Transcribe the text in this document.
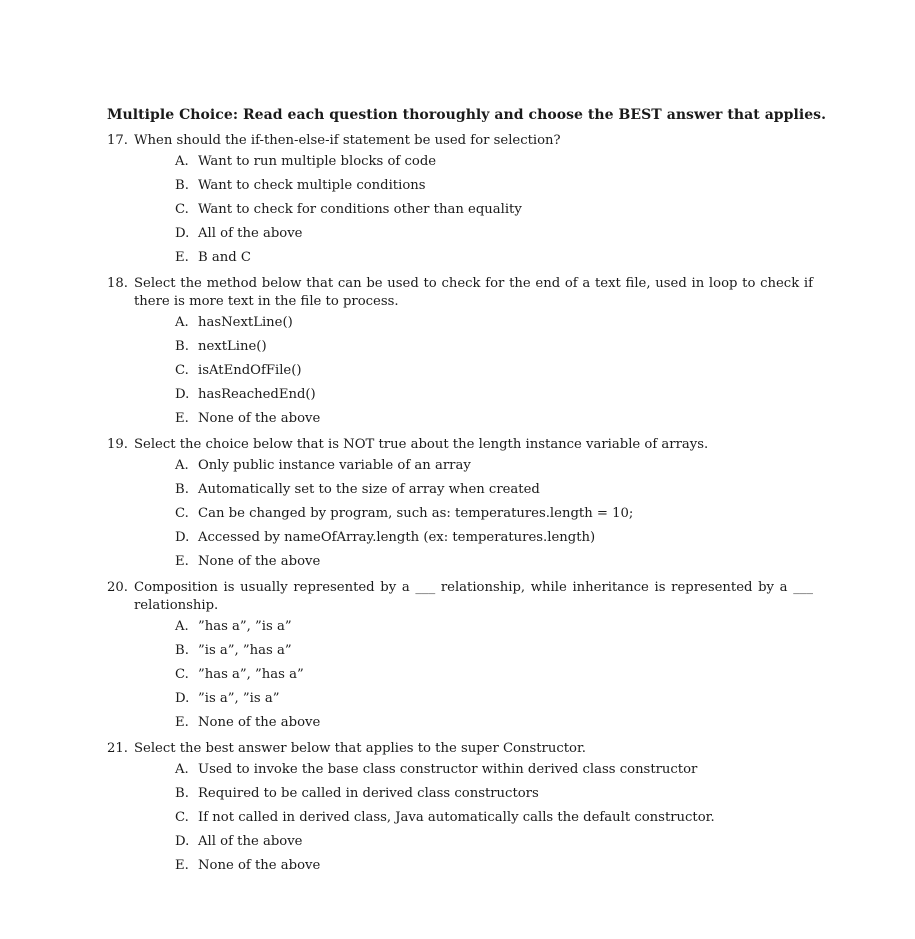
Multiple Choice: Read each question thoroughly and choose the BEST answer that applies.
17. When should the if-then-else-if statement be used for selection?
A. Want to run multiple blocks of code
B. Want to check multiple conditions
C. Want to check for conditions other than equality
D. All of the above
E. B and C
18. Select the method below that can be used to check for the end of a text file, used in loop to check if there is more text in the file to process.
A. hasNextLine()
B. nextLine()
C. isAtEndOfFile()
D. hasReachedEnd()
E. None of the above
19. Select the choice below that is NOT true about the length instance variable of arrays.
A. Only public instance variable of an array
B. Automatically set to the size of array when created
C. Can be changed by program, such as: temperatures.length = 10;
D. Accessed by nameOfArray.length (ex: temperatures.length)
E. None of the above
20. Composition is usually represented by a ___ relationship, while inheritance is represented by a ___ relationship.
A. ”has a”, ”is a”
B. ”is a”, ”has a”
C. ”has a”, ”has a”
D. ”is a”, ”is a”
E. None of the above
21. Select the best answer below that applies to the super Constructor.
A. Used to invoke the base class constructor within derived class constructor
B. Required to be called in derived class constructors
C. If not called in derived class, Java automatically calls the default constructor.
D. All of the above
E. None of the above
